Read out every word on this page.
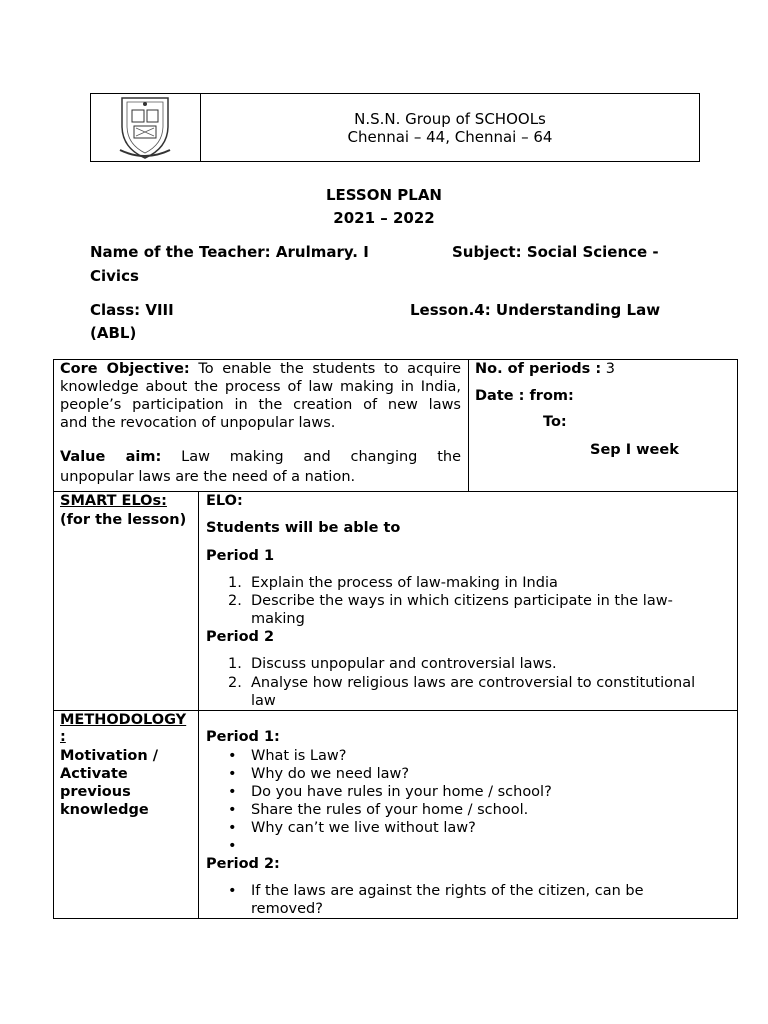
N.S.N. Group of SCHOOLs
Chennai – 44, Chennai – 64
LESSON PLAN
2021 – 2022
Name of the Teacher: Arulmary. I	Subject: Social Science -
Civics
Class: VIII	Lesson.4: Understanding Law
(ABL)
Core Objective: To enable the students to acquire
knowledge about the process of law making in India,
people’s participation in the creation of new laws
and the revocation of unpopular laws.
Value aim: Law making and changing the
unpopular laws are the need of a nation.
No. of periods : 3
Date : from:
To:
Sep I week
SMART ELOs:
(for the lesson)
ELO:
Students will be able to
Period 1
1. Explain the process of law-making in India
2. Describe the ways in which citizens participate in the law-
making
Period 2
1. Discuss unpopular and controversial laws.
2. Analyse how religious laws are controversial to constitutional
law
METHODOLOGY
:
Motivation /
Activate
previous
knowledge
Period 1:
• What is Law?
• Why do we need law?
• Do you have rules in your home / school?
• Share the rules of your home / school.
• Why can’t we live without law?
•
Period 2:
• If the laws are against the rights of the citizen, can be
removed?
